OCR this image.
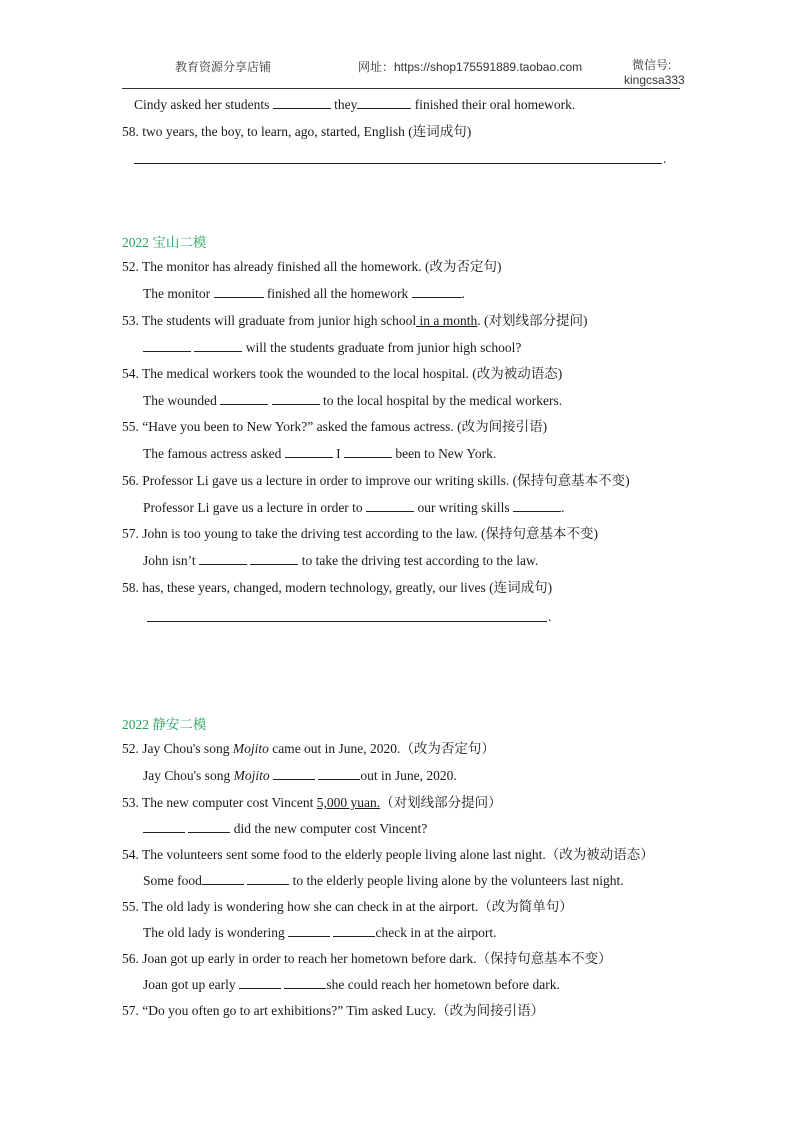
教育资源分享店铺	网址：https://shop175591889.taobao.com	微信号:
kingcsa333
Cindy asked her students	they	finished their oral homework.
58. two years, the boy, to learn, ago, started, English (连词成句)
.
2022 宝山二模
52. The monitor has already finished all the homework. (改为否定句)
The monitor	finished all the homework	.
53. The students will graduate from junior high school in a month. (对划线部分提问)
will the students graduate from junior high school?
54. The medical workers took the wounded to the local hospital. (改为被动语态)
The wounded	to the local hospital by the medical workers.
55. “Have you been to New York?” asked the famous actress. (改为间接引语)
The famous actress asked	I	been to New York.
56. Professor Li gave us a lecture in order to improve our writing skills. (保持句意基本不变)
Professor Li gave us a lecture in order to	our writing skills	.
57. John is too young to take the driving test according to the law. (保持句意基本不变)
John isn’t	to take the driving test according to the law.
58. has, these years, changed, modern technology, greatly, our lives (连词成句)
.
2022 静安二模
52. Jay Chou's song Mojito came out in June, 2020.（改为否定句）
Jay Chou's song Mojito	out in June, 2020.
53. The new computer cost Vincent 5,000 yuan.（对划线部分提问）
did the new computer cost Vincent?
54. The volunteers sent some food to the elderly people living alone last night.（改为被动语态）
Some food	to the elderly people living alone by the volunteers last night.
55. The old lady is wondering how she can check in at the airport.（改为简单句）
The old lady is wondering	check in at the airport.
56. Joan got up early in order to reach her hometown before dark.（保持句意基本不变）
Joan got up early	she could reach her hometown before dark.
57. “Do you often go to art exhibitions?” Tim asked Lucy.（改为间接引语）
